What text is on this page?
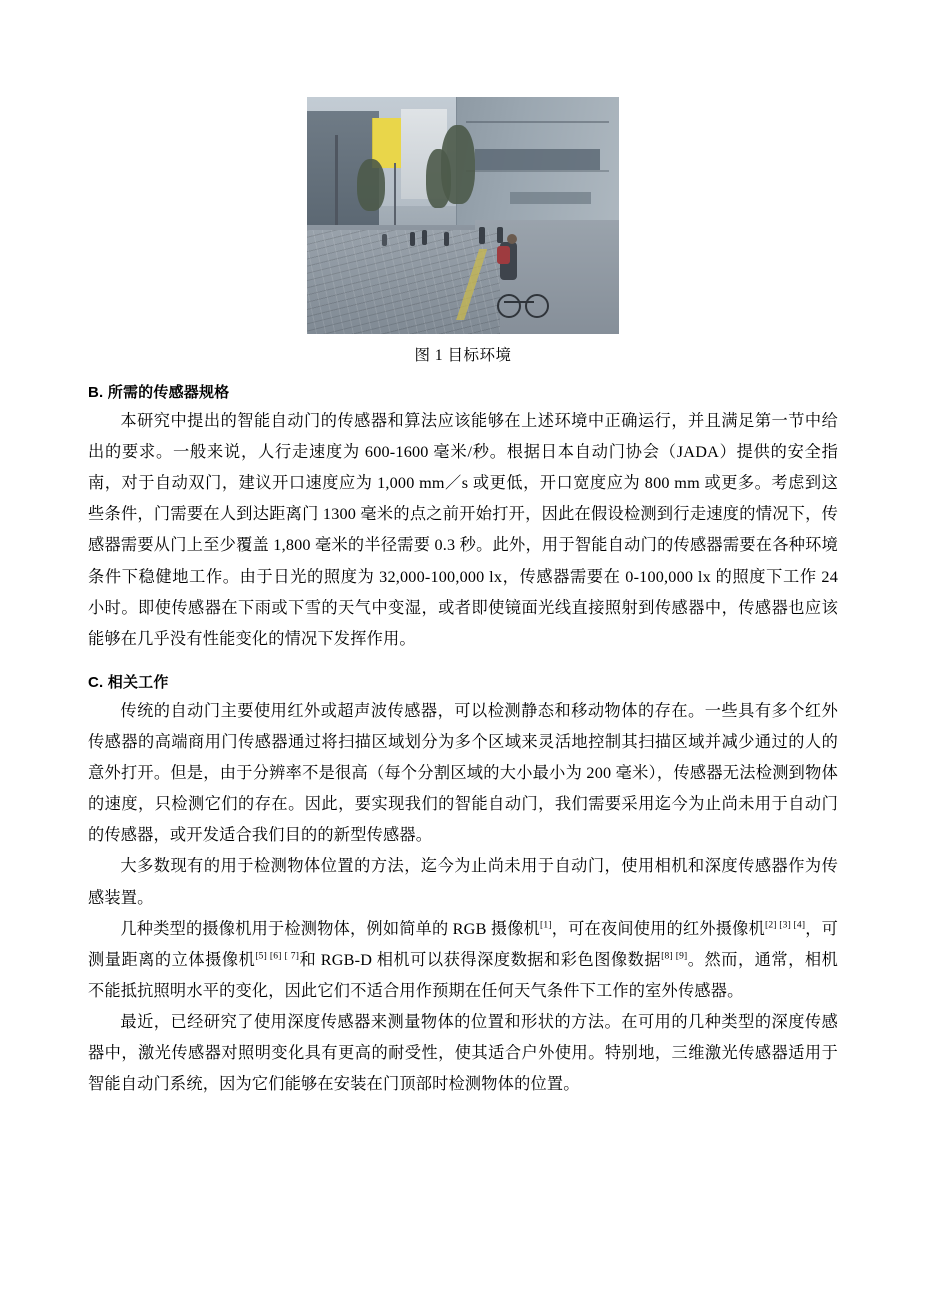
图 1 目标环境
B. 所需的传感器规格

本研究中提出的智能自动门的传感器和算法应该能够在上述环境中正确运行，并且满足第一节中给出的要求。一般来说，人行走速度为 600-1600 毫米/秒。根据日本自动门协会（JADA）提供的安全指南，对于自动双门，建议开口速度应为 1,000 mm／s 或更低，开口宽度应为 800 mm 或更多。考虑到这些条件，门需要在人到达距离门 1300 毫米的点之前开始打开，因此在假设检测到行走速度的情况下，传感器需要从门上至少覆盖 1,800 毫米的半径需要 0.3 秒。此外，用于智能自动门的传感器需要在各种环境条件下稳健地工作。由于日光的照度为 32,000-100,000 lx，传感器需要在 0-100,000 lx 的照度下工作 24 小时。即使传感器在下雨或下雪的天气中变湿，或者即使镜面光线直接照射到传感器中，传感器也应该能够在几乎没有性能变化的情况下发挥作用。

C. 相关工作

传统的自动门主要使用红外或超声波传感器，可以检测静态和移动物体的存在。一些具有多个红外传感器的高端商用门传感器通过将扫描区域划分为多个区域来灵活地控制其扫描区域并减少通过的人的意外打开。但是，由于分辨率不是很高（每个分割区域的大小最小为 200 毫米），传感器无法检测到物体的速度，只检测它们的存在。因此，要实现我们的智能自动门，我们需要采用迄今为止尚未用于自动门的传感器，或开发适合我们目的的新型传感器。

大多数现有的用于检测物体位置的方法，迄今为止尚未用于自动门，使用相机和深度传感器作为传感装置。

几种类型的摄像机用于检测物体，例如简单的 RGB 摄像机[1]，可在夜间使用的红外摄像机[2] [3] [4]，可测量距离的立体摄像机[5] [6] [ 7]和 RGB-D 相机可以获得深度数据和彩色图像数据[8] [9]。然而，通常，相机不能抵抗照明水平的变化，因此它们不适合用作预期在任何天气条件下工作的室外传感器。

最近，已经研究了使用深度传感器来测量物体的位置和形状的方法。在可用的几种类型的深度传感器中，激光传感器对照明变化具有更高的耐受性，使其适合户外使用。特别地，三维激光传感器适用于智能自动门系统，因为它们能够在安装在门顶部时检测物体的位置。
